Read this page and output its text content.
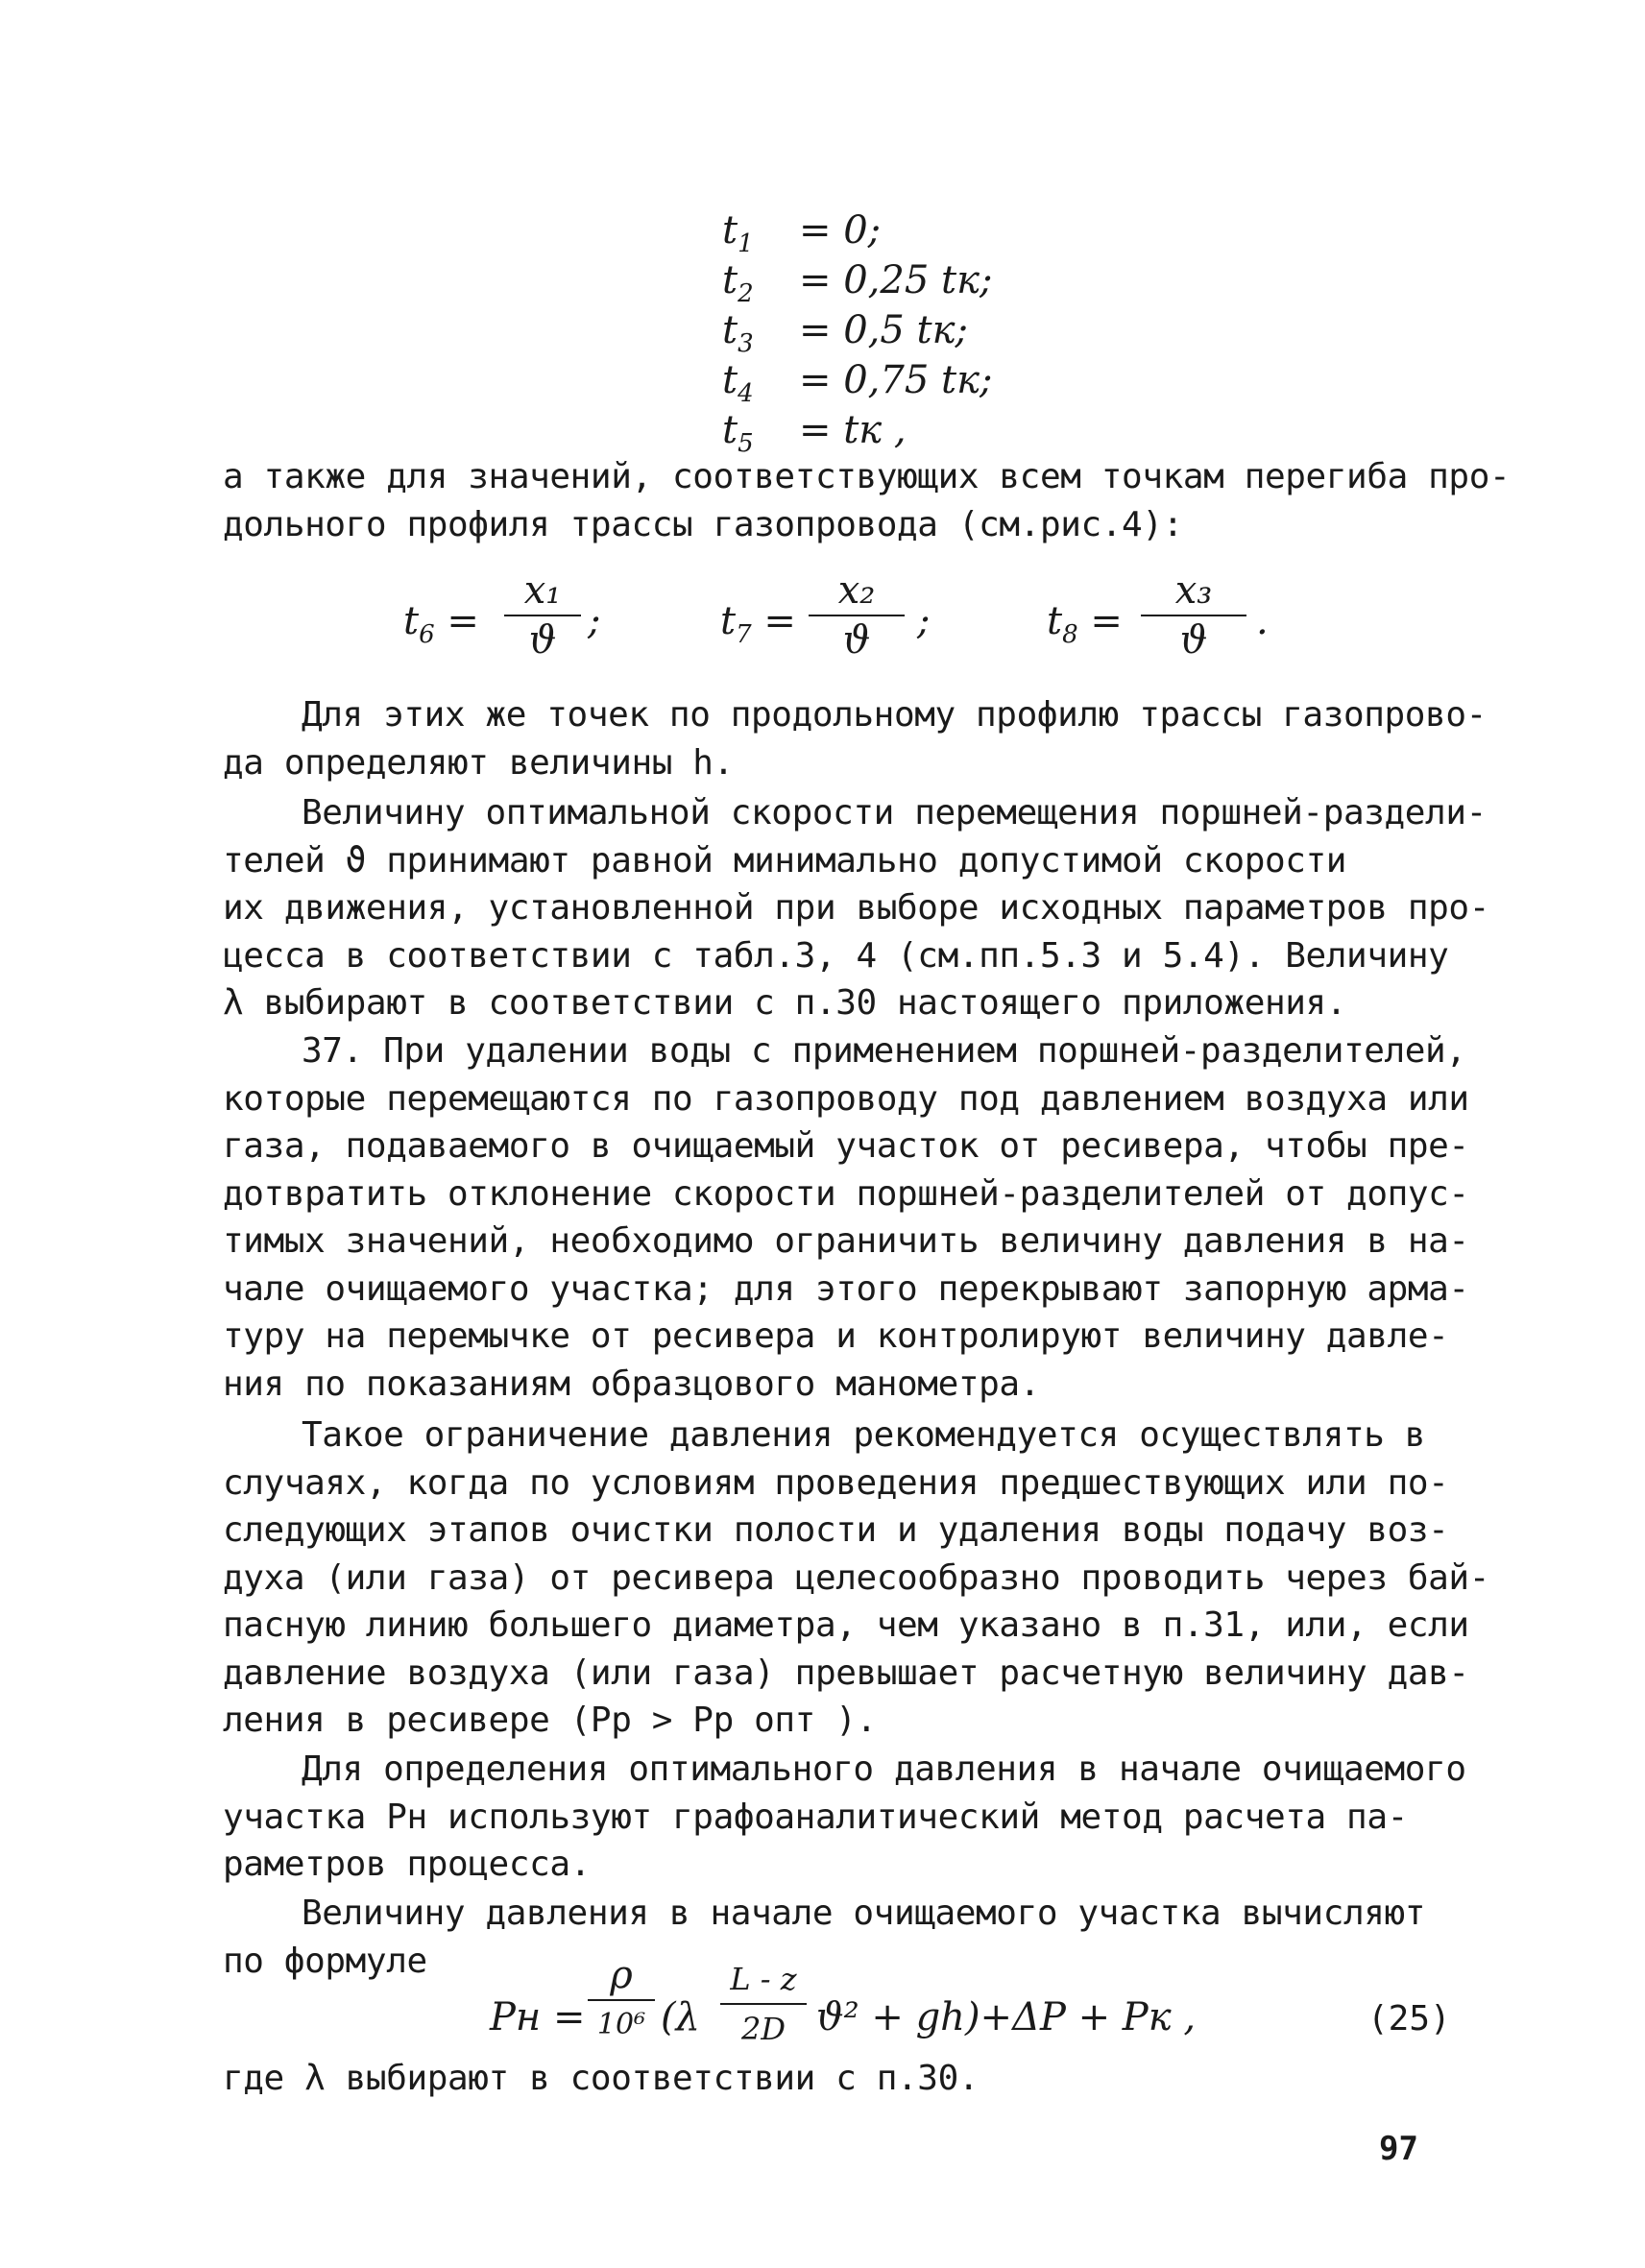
$t_1$	= 0;
$t_2$	= 0,25 tк;
$t_3$	= 0,5 tк;
$t_4$	= 0,75 tк;
$t_5$	= tк ,
а также для значений, соответствующих всем точкам перегиба про-
дольного профиля трассы газопровода (см.рис.4):
$t_6$ =
x₁
ϑ ;	$t_7$ =
x₂
ϑ	;	$t_8$ =
x₃
ϑ	.
Для этих же точек по продольному профилю трассы газопрово-
да определяют величины h.
Величину оптимальной скорости перемещения поршней-раздели-
телей ϑ принимают равной минимально допустимой скорости
их движения, установленной при выборе исходных параметров про-
цесса в соответствии с табл.3, 4 (см.пп.5.3 и 5.4). Величину
λ выбирают в соответствии с п.30 настоящего приложения.
37. При удалении воды с применением поршней-разделителей,
которые перемещаются по газопроводу под давлением воздуха или
газа, подаваемого в очищаемый участок от ресивера, чтобы пре-
дотвратить отклонение скорости поршней-разделителей от допус-
тимых значений, необходимо ограничить величину давления в на-
чале очищаемого участка; для этого перекрывают запорную арма-
туру на перемычке от ресивера и контролируют величину давле-
ния по показаниям образцового манометра.
Такое ограничение давления рекомендуется осуществлять в
случаях, когда по условиям проведения предшествующих или по-
следующих этапов очистки полости и удаления воды подачу воз-
духа (или газа) от ресивера целесообразно проводить через бай-
пасную линию большего диаметра, чем указано в п.31, или, если
давление воздуха (или газа) превышает расчетную величину дав-
ления в ресивере (Pр > Pр опт ).
Для определения оптимального давления в начале очищаемого
участка Pн используют графоаналитический метод расчета па-
раметров процесса.
Величину давления в начале очищаемого участка вычисляют
по формуле
Pн =
ρ
10⁶ (λ
L - z
2D ϑ² + gh)+ΔP + Pк ,	(25)
где λ выбирают в соответствии с п.30.
97
